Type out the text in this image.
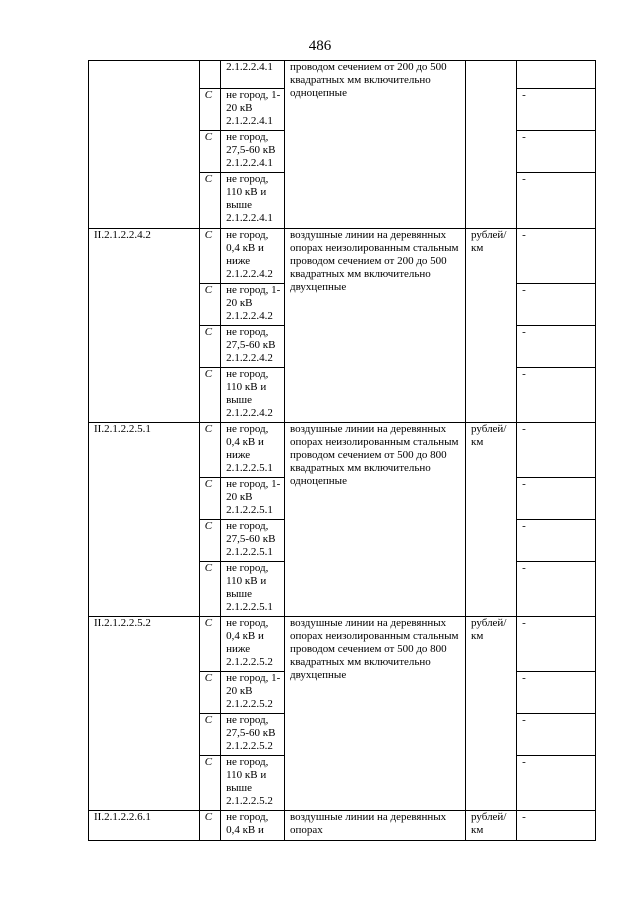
486
		2.1.2.2.4.1	проводом сечением от 200 до 500 квадратных мм включительно одноцепные		
	С	не город, 1-20 кВ 2.1.2.2.4.1			-
	С	не город, 27,5-60 кВ 2.1.2.2.4.1			-
	С	не город, 110 кВ и выше 2.1.2.2.4.1			-
II.2.1.2.2.4.2	С	не город, 0,4 кВ и ниже 2.1.2.2.4.2	воздушные линии на деревянных опорах неизолированным стальным проводом сечением от 200 до 500 квадратных мм включительно двухцепные	рублей/ км	-
	С	не город, 1-20 кВ 2.1.2.2.4.2			-
	С	не город, 27,5-60 кВ 2.1.2.2.4.2			-
	С	не город, 110 кВ и выше 2.1.2.2.4.2			-
II.2.1.2.2.5.1	С	не город, 0,4 кВ и ниже 2.1.2.2.5.1	воздушные линии на деревянных опорах неизолированным стальным проводом сечением от 500 до 800 квадратных мм включительно одноцепные	рублей/ км	-
	С	не город, 1-20 кВ 2.1.2.2.5.1			-
	С	не город, 27,5-60 кВ 2.1.2.2.5.1			-
	С	не город, 110 кВ и выше 2.1.2.2.5.1			-
II.2.1.2.2.5.2	С	не город, 0,4 кВ и ниже 2.1.2.2.5.2	воздушные линии на деревянных опорах неизолированным стальным проводом сечением от 500 до 800 квадратных мм включительно двухцепные	рублей/ км	-
	С	не город, 1-20 кВ 2.1.2.2.5.2			-
	С	не город, 27,5-60 кВ 2.1.2.2.5.2			-
	С	не город, 110 кВ и выше 2.1.2.2.5.2			-
II.2.1.2.2.6.1	С	не город, 0,4 кВ и	воздушные линии на деревянных опорах	рублей/ км	-
